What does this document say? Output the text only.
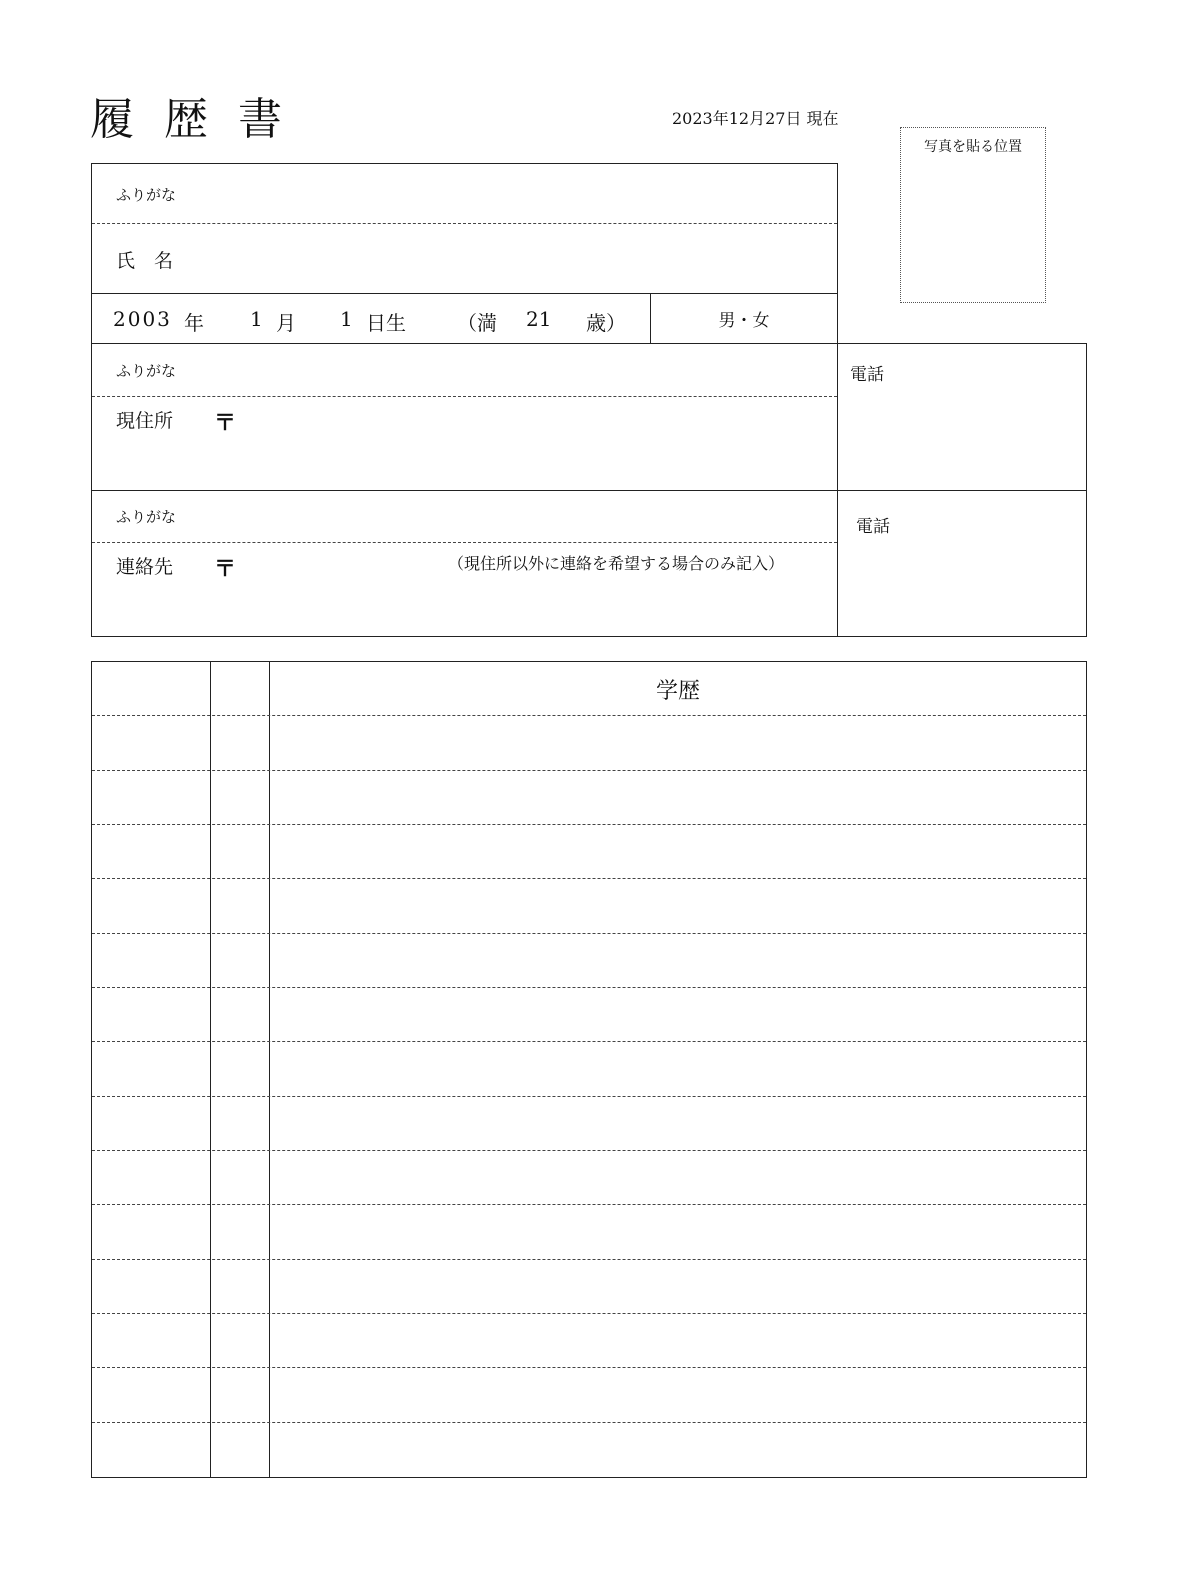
履 歴 書	2023年12月27日 現在
写真を貼る位置
ふりがな
氏　名
2003 年 1 月 1 日生	（満 21 歳）	男・女
ふりがな
現住所 〒
電話
ふりがな
連絡先 〒	（現住所以外に連絡を希望する場合のみ記入）
電話
学歴
